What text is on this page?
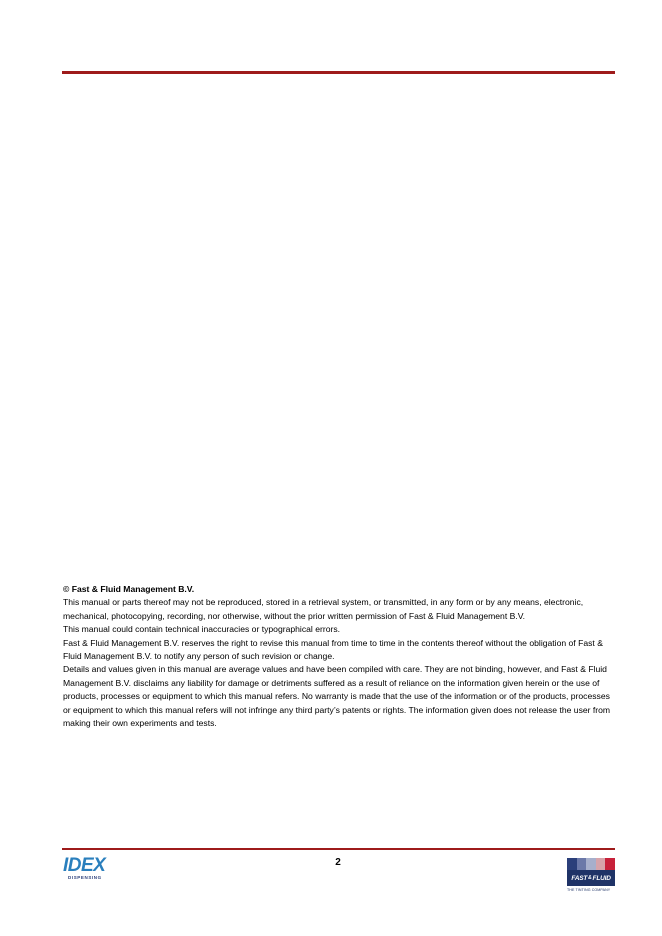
© Fast & Fluid Management B.V.

This manual or parts thereof may not be reproduced, stored in a retrieval system, or transmitted, in any form or by any means, electronic, mechanical, photocopying, recording, nor otherwise, without the prior written permission of Fast & Fluid Management B.V.

This manual could contain technical inaccuracies or typographical errors.

Fast & Fluid Management B.V. reserves the right to revise this manual from time to time in the contents thereof without the obligation of Fast & Fluid Management B.V. to notify any person of such revision or change.

Details and values given in this manual are average values and have been compiled with care. They are not binding, however, and Fast & Fluid Management B.V. disclaims any liability for damage or detriments suffered as a result of reliance on the information given herein or the use of products, processes or equipment to which this manual refers. No warranty is made that the use of the information or of the products, processes or equipment to which this manual refers will not infringe any third party’s patents or rights. The information given does not release the user from making their own experiments and tests.

IDEX
DISPENSING
2
FAST & FLUID
THE TINTING COMPANY
